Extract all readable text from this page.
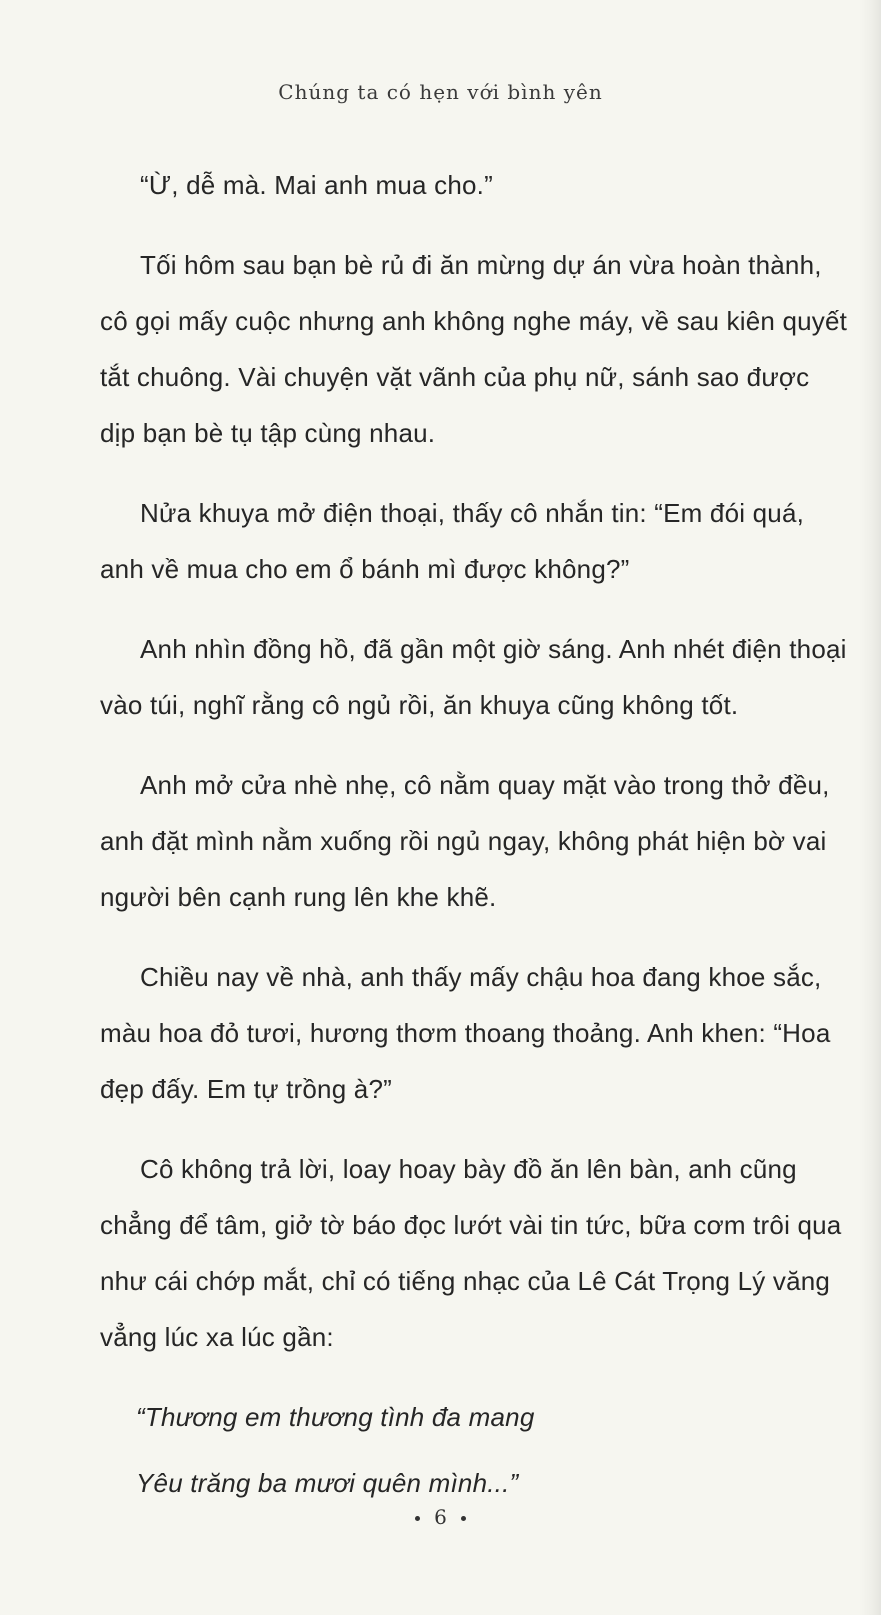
Chúng ta có hẹn với bình yên

“Ừ, dễ mà. Mai anh mua cho.”

Tối hôm sau bạn bè rủ đi ăn mừng dự án vừa hoàn thành, cô gọi mấy cuộc nhưng anh không nghe máy, về sau kiên quyết tắt chuông. Vài chuyện vặt vãnh của phụ nữ, sánh sao được dịp bạn bè tụ tập cùng nhau.

Nửa khuya mở điện thoại, thấy cô nhắn tin: “Em đói quá, anh về mua cho em ổ bánh mì được không?”

Anh nhìn đồng hồ, đã gần một giờ sáng. Anh nhét điện thoại vào túi, nghĩ rằng cô ngủ rồi, ăn khuya cũng không tốt.

Anh mở cửa nhè nhẹ, cô nằm quay mặt vào trong thở đều, anh đặt mình nằm xuống rồi ngủ ngay, không phát hiện bờ vai người bên cạnh rung lên khe khẽ.

Chiều nay về nhà, anh thấy mấy chậu hoa đang khoe sắc, màu hoa đỏ tươi, hương thơm thoang thoảng. Anh khen: “Hoa đẹp đấy. Em tự trồng à?”

Cô không trả lời, loay hoay bày đồ ăn lên bàn, anh cũng chẳng để tâm, giở tờ báo đọc lướt vài tin tức, bữa cơm trôi qua như cái chớp mắt, chỉ có tiếng nhạc của Lê Cát Trọng Lý văng vẳng lúc xa lúc gần:

“Thương em thương tình đa mang

Yêu trăng ba mươi quên mình...”

6
